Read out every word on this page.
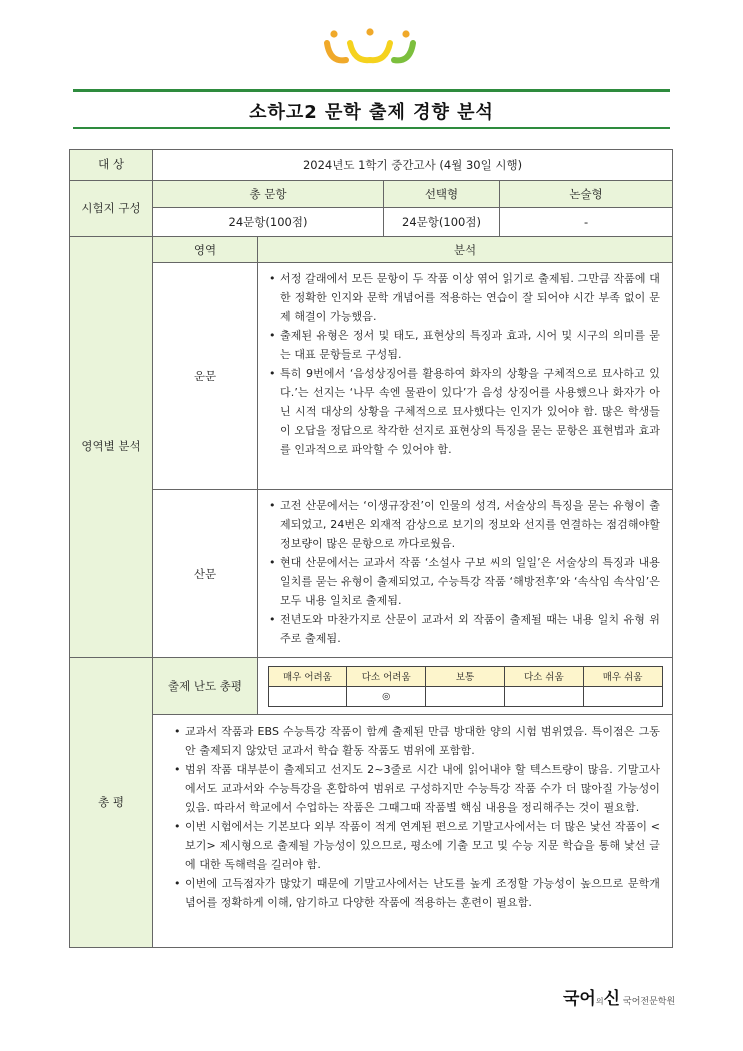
소하고2 문학 출제 경향 분석
대 상	2024년도 1학기 중간고사 (4월 30일 시행)
시험지 구성	총 문항	선택형	논술형
24문항(100점)	24문항(100점)	-
영역별 분석	영역	분석
운문	
• 서정 갈래에서 모든 문항이 두 작품 이상 엮어 읽기로 출제됨. 그만큼 작품에 대한 정확한 인지와 문학 개념어를 적용하는 연습이 잘 되어야 시간 부족 없이 문제 해결이 가능했음.
• 출제된 유형은 정서 및 태도, 표현상의 특징과 효과, 시어 및 시구의 의미를 묻는 대표 문항들로 구성됨.
• 특히 9번에서 ‘음성상징어를 활용하여 화자의 상황을 구체적으로 묘사하고 있다.’는 선지는 ‘나무 속엔 물관이 있다’가 음성 상징어를 사용했으나 화자가 아닌 시적 대상의 상황을 구체적으로 묘사했다는 인지가 있어야 함. 많은 학생들이 오답을 정답으로 착각한 선지로 표현상의 특징을 묻는 문항은 표현법과 효과를 인과적으로 파악할 수 있어야 함.

산문	
• 고전 산문에서는 ‘이생규장전’이 인물의 성격, 서술상의 특징을 묻는 유형이 출제되었고, 24번은 외재적 감상으로 보기의 정보와 선지를 연결하는 점검해야할 정보량이 많은 문항으로 까다로웠음.
• 현대 산문에서는 교과서 작품 ‘소설사 구보 씨의 일일’은 서술상의 특징과 내용 일치를 묻는 유형이 출제되었고, 수능특강 작품 ‘해방전후’와 ‘속삭임 속삭임’은 모두 내용 일치로 출제됨.
• 전년도와 마찬가지로 산문이 교과서 외 작품이 출제될 때는 내용 일치 유형 위주로 출제됨.

총 평	출제 난도 총평	
매우 어려움	다소 어려움	보통	다소 쉬움	매우 쉬움
	◎			

• 교과서 작품과 EBS 수능특강 작품이 함께 출제된 만큼 방대한 양의 시험 범위였음. 특이점은 그동안 출제되지 않았던 교과서 학습 활동 작품도 범위에 포함함.
• 범위 작품 대부분이 출제되고 선지도 2~3줄로 시간 내에 읽어내야 할 텍스트량이 많음. 기말고사에서도 교과서와 수능특강을 혼합하여 범위로 구성하지만 수능특강 작품 수가 더 많아질 가능성이 있음. 따라서 학교에서 수업하는 작품은 그때그때 작품별 핵심 내용을 정리해주는 것이 필요함.
• 이번 시험에서는 기본보다 외부 작품이 적게 연계된 편으로 기말고사에서는 더 많은 낯선 작품이 <보기> 제시형으로 출제될 가능성이 있으므로, 평소에 기출 모고 및 수능 지문 학습을 통해 낯선 글에 대한 독해력을 길러야 함.
• 이번에 고득점자가 많았기 때문에 기말고사에서는 난도를 높게 조정할 가능성이 높으므로 문학개념어를 정확하게 이해, 암기하고 다양한 작품에 적용하는 훈련이 필요함.
국어의신 국어전문학원
